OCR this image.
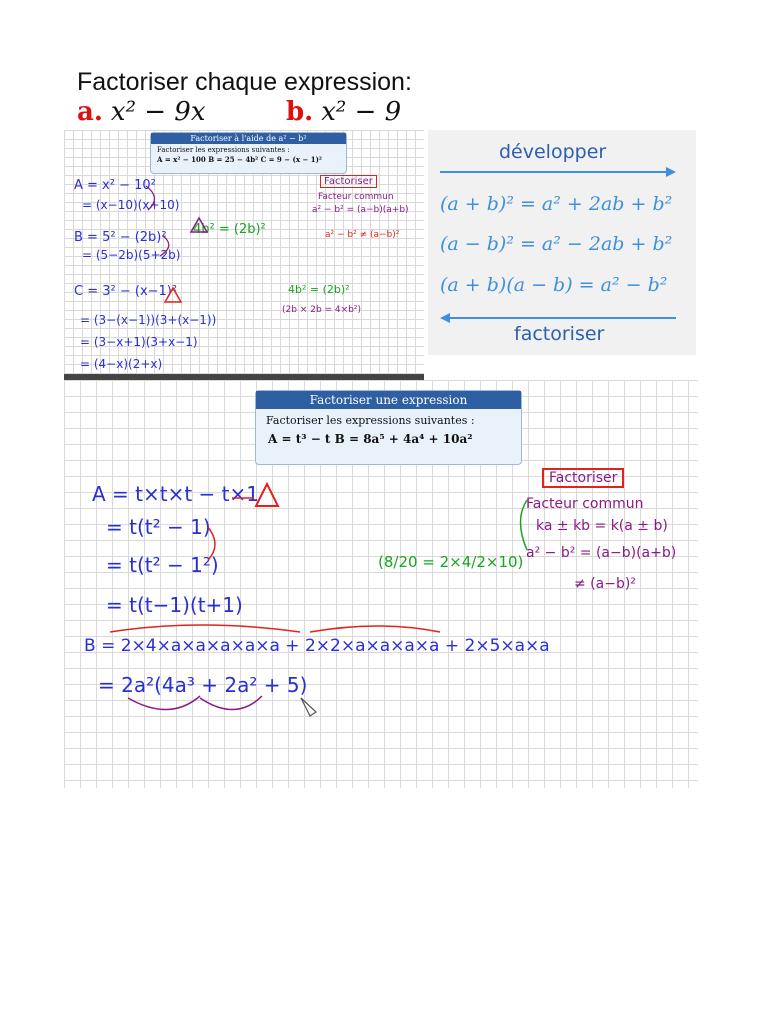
Factoriser chaque expression:
a. x² − 9x	b. x² − 9
Factoriser à l'aide de a² − b²
Factoriser les expressions suivantes :
A = x² − 100 B = 25 − 4b² C = 9 − (x − 1)²
A = x² − 10²
= (x−10)(x+10)
B = 5² − (2b)²
= (5−2b)(5+2b)
4b² = (2b)²
C = 3² − (x−1)²
= (3−(x−1))(3+(x−1))
= (3−x+1)(3+x−1)
= (4−x)(2+x)
Factoriser
Facteur commun
a² − b² = (a−b)(a+b)
a² − b² ≠ (a−b)²
4b² = (2b)²
(2b × 2b = 4×b²)
développer
(a + b)² = a² + 2ab + b²
(a − b)² = a² − 2ab + b²
(a + b)(a − b) = a² − b²
factoriser
Factoriser une expression
Factoriser les expressions suivantes :
A = t³ − t B = 8a⁵ + 4a⁴ + 10a²
A = t×t×t − t×1
= t(t² − 1)
= t(t² − 1²)
= t(t−1)(t+1)
B = 2×4×a×a×a×a×a + 2×2×a×a×a×a + 2×5×a×a
= 2a²(4a³ + 2a² + 5)
(8/20 = 2×4/2×10)
Factoriser
Facteur commun
ka ± kb = k(a ± b)
a² − b² = (a−b)(a+b)
≠ (a−b)²
